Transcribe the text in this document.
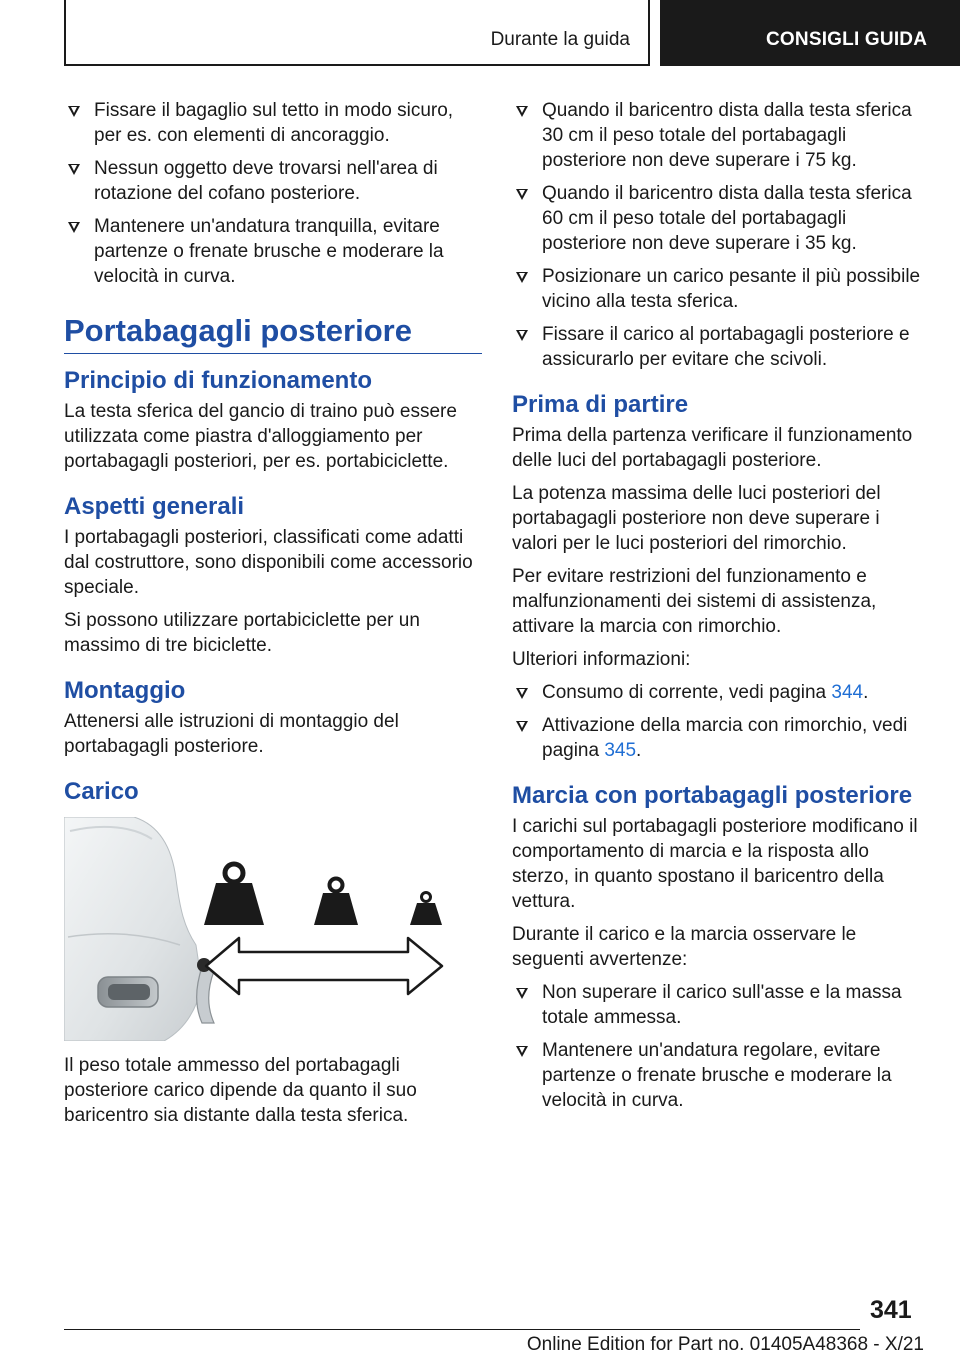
Durante la guida	CONSIGLI GUIDA
Fissare il bagaglio sul tetto in modo sicuro, per es. con elementi di ancoraggio.
Nessun oggetto deve trovarsi nell'area di rotazione del cofano posteriore.
Mantenere un'andatura tranquilla, evitare partenze o frenate brusche e moderare la velocità in curva.
Portabagagli posteriore
Principio di funzionamento

La testa sferica del gancio di traino può essere utilizzata come piastra d'alloggiamento per portabagagli posteriori, per es. portabiciclette.

Aspetti generali

I portabagagli posteriori, classificati come adatti dal costruttore, sono disponibili come accessorio speciale.

Si possono utilizzare portabiciclette per un massimo di tre biciclette.

Montaggio

Attenersi alle istruzioni di montaggio del portabagagli posteriore.

Carico

Il peso totale ammesso del portabagagli posteriore carico dipende da quanto il suo baricentro sia distante dalla testa sferica.

Quando il baricentro dista dalla testa sferica 30 cm il peso totale del portabagagli posteriore non deve superare i 75 kg.
Quando il baricentro dista dalla testa sferica 60 cm il peso totale del portabagagli posteriore non deve superare i 35 kg.
Posizionare un carico pesante il più possibile vicino alla testa sferica.
Fissare il carico al portabagagli posteriore e assicurarlo per evitare che scivoli.
Prima di partire

Prima della partenza verificare il funzionamento delle luci del portabagagli posteriore.

La potenza massima delle luci posteriori del portabagagli posteriore non deve superare i valori per le luci posteriori del rimorchio.

Per evitare restrizioni del funzionamento e malfunzionamenti dei sistemi di assistenza, attivare la marcia con rimorchio.

Ulteriori informazioni:

Consumo di corrente, vedi pagina 344.
Attivazione della marcia con rimorchio, vedi pagina 345.
Marcia con portabagagli posteriore

I carichi sul portabagagli posteriore modificano il comportamento di marcia e la risposta allo sterzo, in quanto spostano il baricentro della vettura.

Durante il carico e la marcia osservare le seguenti avvertenze:

Non superare il carico sull'asse e la massa totale ammessa.
Mantenere un'andatura regolare, evitare partenze o frenate brusche e moderare la velocità in curva.
341
Online Edition for Part no. 01405A48368 - X/21
